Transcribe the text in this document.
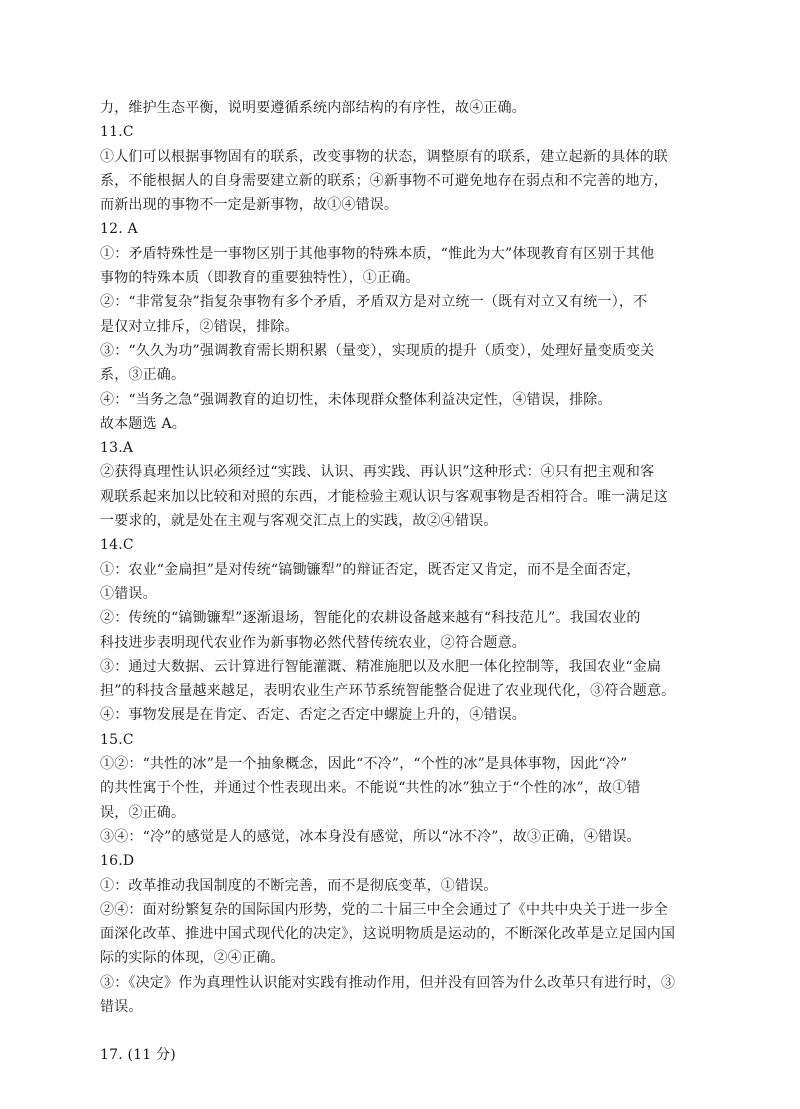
力，维护生态平衡，说明要遵循系统内部结构的有序性，故④正确。
11.C
①人们可以根据事物固有的联系，改变事物的状态，调整原有的联系，建立起新的具体的联
系，不能根据人的自身需要建立新的联系；④新事物不可避免地存在弱点和不完善的地方，
而新出现的事物不一定是新事物，故①④错误。
12. A
①：矛盾特殊性是一事物区别于其他事物的特殊本质，“惟此为大”体现教育有区别于其他
事物的特殊本质（即教育的重要独特性），①正确。
②：“非常复杂”指复杂事物有多个矛盾，矛盾双方是对立统一（既有对立又有统一），不
是仅对立排斥，②错误，排除。
③：“久久为功”强调教育需长期积累（量变），实现质的提升（质变），处理好量变质变关
系，③正确。
④：“当务之急”强调教育的迫切性，未体现群众整体利益决定性，④错误，排除。
故本题选 A。
13.A
②获得真理性认识必须经过“实践、认识、再实践、再认识”这种形式：④只有把主观和客
观联系起来加以比较和对照的东西，才能检验主观认识与客观事物是否相符合。唯一满足这
一要求的，就是处在主观与客观交汇点上的实践，故②④错误。
14.C
①：农业“金扁担”是对传统“镐锄镰犁”的辩证否定，既否定又肯定，而不是全面否定，
①错误。
②：传统的“镐锄镰犁”逐渐退场，智能化的农耕设备越来越有“科技范儿”。我国农业的
科技进步表明现代农业作为新事物必然代替传统农业，②符合题意。
③：通过大数据、云计算进行智能灌溉、精准施肥以及水肥一体化控制等，我国农业“金扁
担”的科技含量越来越足，表明农业生产环节系统智能整合促进了农业现代化，③符合题意。
④：事物发展是在肯定、否定、否定之否定中螺旋上升的，④错误。
15.C
①②：“共性的冰”是一个抽象概念，因此“不冷”，“个性的冰”是具体事物，因此“冷”
的共性寓于个性，并通过个性表现出来。不能说“共性的冰”独立于“个性的冰”，故①错
误，②正确。
③④：“冷”的感觉是人的感觉，冰本身没有感觉，所以“冰不冷”，故③正确，④错误。
16.D
①：改革推动我国制度的不断完善，而不是彻底变革，①错误。
②④：面对纷繁复杂的国际国内形势，党的二十届三中全会通过了《中共中央关于进一步全
面深化改革、推进中国式现代化的决定》，这说明物质是运动的，不断深化改革是立足国内国
际的实际的体现，②④正确。
③：《决定》作为真理性认识能对实践有推动作用，但并没有回答为什么改革只有进行时，③
错误。
17. (11 分)
